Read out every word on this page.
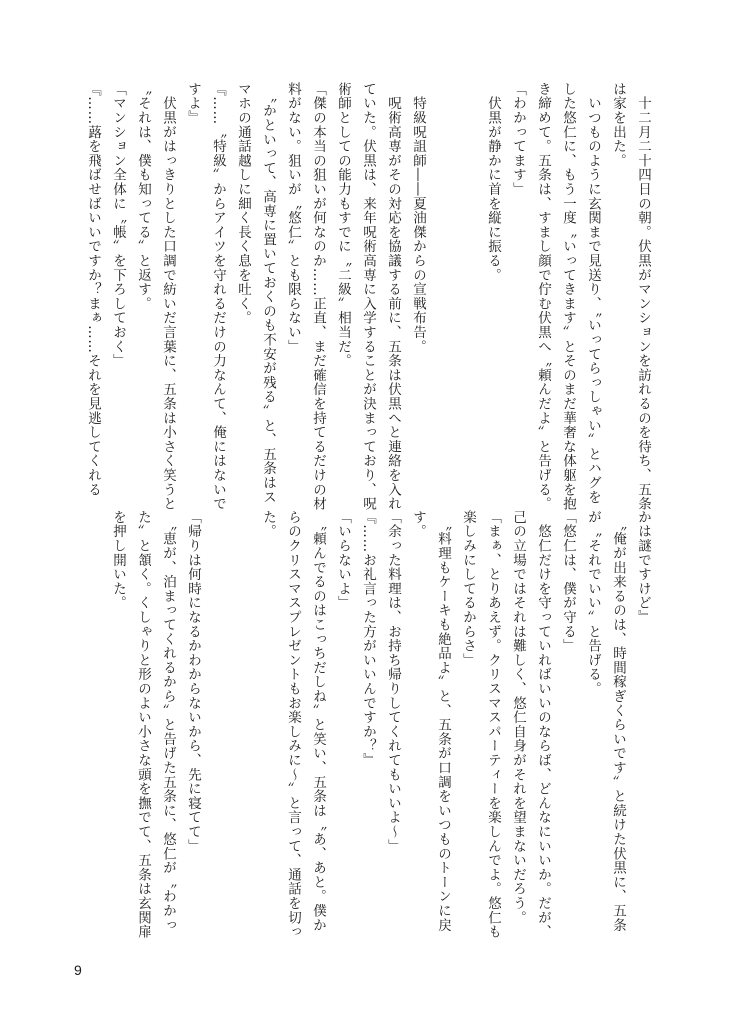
　十二月二十四日の朝。伏黒がマンションを訪れるのを待ち、五条
は家を出た。
　いつものように玄関まで見送り、〝いってらっしゃい〟とハグを
した悠仁に、もう一度〝いってきます〟とそのまだ華奢な体躯を抱
き締めて。五条は、すまし顔で佇む伏黒へ〝頼んだよ〟と告げる。
「わかってます」
　伏黒が静かに首を縦に振る。
　特級呪詛師――夏油傑からの宣戦布告。
　呪術高専がその対応を協議する前に、五条は伏黒へと連絡を入れ
ていた。伏黒は、来年呪術高専に入学することが決まっており、呪
術師としての能力もすでに〝二級〟相当だ。
「傑の本当の狙いが何なのか……正直、まだ確信を持てるだけの材
料がない。狙いが〝悠仁〟とも限らない」
　〝かといって、高専に置いておくのも不安が残る〟と、五条はス
マホの通話越しに細く長く息を吐く。
『……〝特級〟からアイツを守れるだけの力なんて、俺にはないで
すよ』
　伏黒がはっきりとした口調で紡いだ言葉に、五条は小さく笑うと
〝それは、僕も知ってる〟と返す。
「マンション全体に〝帳〟を下ろしておく」
『……蕗を飛ばせばいいですか？まぁ……それを見逃してくれる
かは謎ですけど』
　〝俺が出来るのは、時間稼ぎくらいです〟と続けた伏黒に、五条
が〝それでいい〟と告げる。
「悠仁は、僕が守る」
　悠仁だけを守っていればいいのならば、どんなにいいか。だが、
己の立場ではそれは難しく、悠仁自身がそれを望まないだろう。
「まぁ、とりあえず。クリスマスパーティーを楽しんでよ。悠仁も
楽しみにしてるからさ」
　〝料理もケーキも絶品よ〟と、五条が口調をいつものトーンに戻
す。
「余った料理は、お持ち帰りしてくれてもいいよ～」
『……お礼言った方がいいんですか？』
「いらないよ」
　〝頼んでるのはこっちだしね〟と笑い、五条は〝あ、あと。僕か
らのクリスマスプレゼントもお楽しみに～〟と言って、通話を切っ
た。
「帰りは何時になるかわからないから、先に寝てて」
　〝恵が、泊まってくれるから〟と告げた五条に、悠仁が〝わかっ
た〟と頷く。くしゃりと形のよい小さな頭を撫でて、五条は玄関扉
を押し開いた。
9
